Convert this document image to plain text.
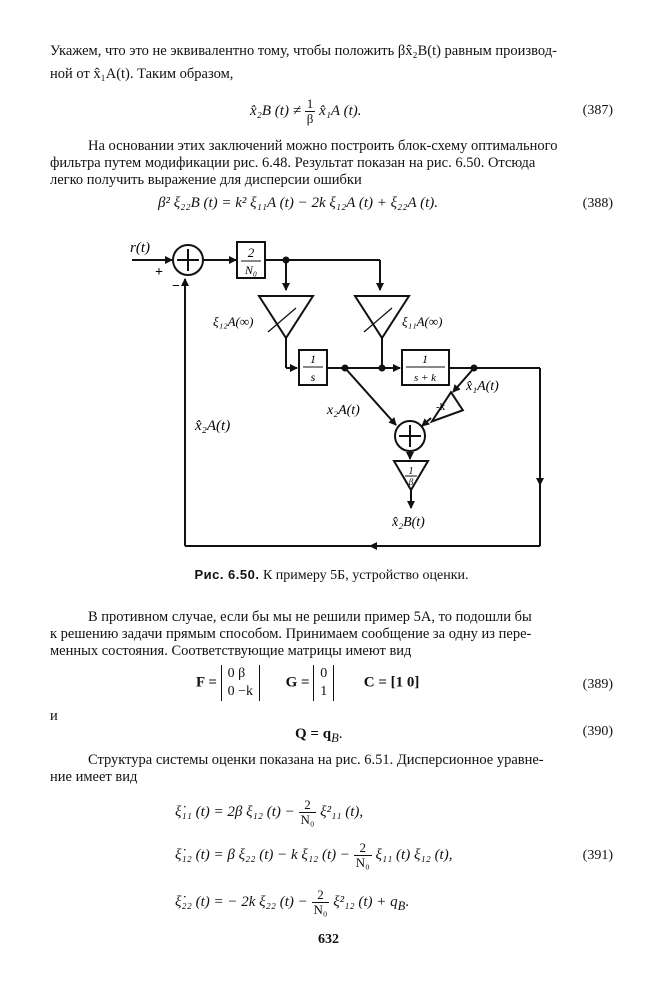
Укажем, что это не эквивалентно тому, чтобы положить βx̂₂B(t) равным производ-
ной от x̂₁A(t). Таким образом,
x̂₂B $(t) \ne \frac{1}{\beta}$ x̂₁A (t).	(387)
На основании этих заключений можно построить блок-схему оптимального
фильтра путем модификации рис. 6.48. Результат показан на рис. 6.50. Отсюда
легко получить выражение для дисперсии ошибки
β² ξ₂₂B (t) = k² ξ₁₁A (t) − 2k ξ₁₂A (t) + ξ₂₂A (t).	(388)
2
N₀
1
s
1
s + k
1
β
r(t)
+
−
ξ₁₂A(∞)	ξ₁₁A(∞)
x̂₁A(t)
-k
x₂A(t)
x̂₂A(t)
x̂₂B(t)
Рис. 6.50. К примеру 5Б, устройство оценки.
В противном случае, если бы мы не решили пример 5А, то подошли бы
к решению задачи прямым способом. Принимаем сообщение за одну из пере-
менных состояния. Соответствующие матрицы имеют вид
F =
0 β
0 −k
G =
0
1
C = [1 0]	(389)
и
$Q = q_B$.	(390)
Структура системы оценки показана на рис. 6.51. Дисперсионное уравне-
ние имеет вид
ξ̇₁₁ (t) = 2β ξ₁₂ $(t) - \frac{2}{\text{N₀}} \xi^2_{11}$ (t),
ξ̇₁₂ (t) = β ξ₂₂ (t) − k ξ₁₂ $(t) - \frac{2}{\text{N₀}} \xi_{11}$ (t) ξ₁₂ (t),	(391)
ξ̇₂₂ (t) = − 2k ξ₂₂ $(t) - \frac{2}{\text{N₀}} \xi^2_{12}$ $(t) + q_B$.
632
